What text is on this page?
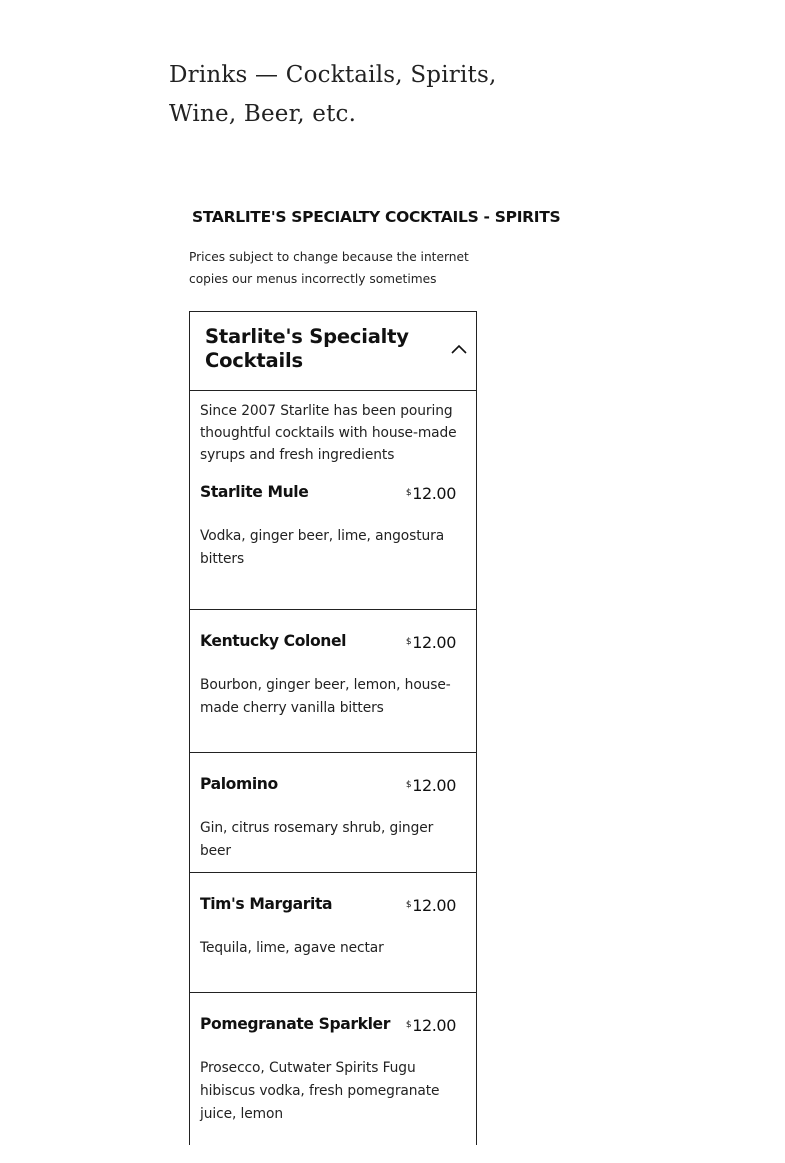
Drinks — Cocktails, Spirits, Wine, Beer, etc.
STARLITE'S SPECIALTY COCKTAILS - SPIRITS

Prices subject to change because the internet copies our menus incorrectly sometimes

Starlite's Specialty Cocktails
Since 2007 Starlite has been pouring thoughtful cocktails with house-made syrups and fresh ingredients
Starlite Mule	$12.00
Vodka, ginger beer, lime, angostura bitters
Kentucky Colonel	$12.00
Bourbon, ginger beer, lemon, house-made cherry vanilla bitters
Palomino	$12.00
Gin, citrus rosemary shrub, ginger beer
Tim's Margarita	$12.00
Tequila, lime, agave nectar
Pomegranate Sparkler $12.00
Prosecco, Cutwater Spirits Fugu hibiscus vodka, fresh pomegranate juice, lemon
